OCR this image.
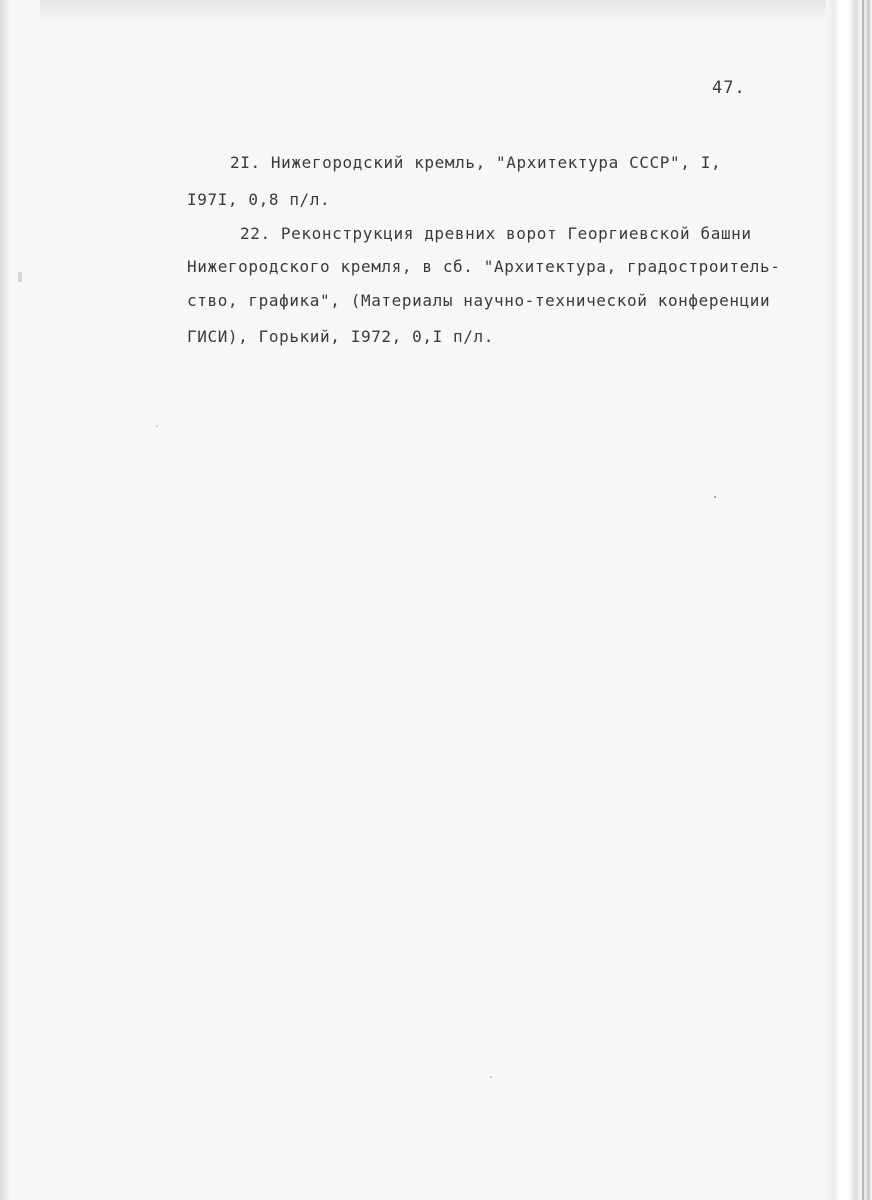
47.
2I. Нижегородский кремль, "Архитектура СССР", I,
I97I, 0,8 п/л.
22. Реконструкция древних ворот Георгиевской башни
Нижегородского кремля, в сб. "Архитектура, градостроитель-
ство, графика", (Материалы научно-технической конференции
ГИСИ), Горький, I972, 0,I п/л.
